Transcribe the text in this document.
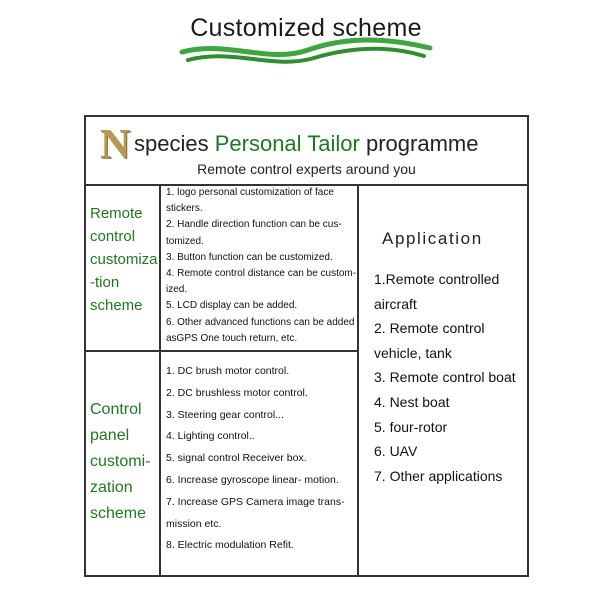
Customized scheme
N species Personal Tailor programme
Remote control experts around you
Remote
control
customiza
-tion
scheme
1. logo personal customization of face
stickers.
2. Handle direction function can be cus-
tomized.
3. Button function can be customized.
4. Remote control distance can be custom-
ized.
5. LCD display can be added.
6. Other advanced functions can be added
asGPS One touch return, etc.
Control
panel
customi-
zation
scheme
1. DC brush motor control.
2. DC brushless motor control.
3. Steering gear control...
4. Lighting control..
5. signal control Receiver box.
6. Increase gyroscope linear- motion.
7. Increase GPS Camera image trans-
mission etc.
8. Electric modulation Refit.
Application
1.Remote controlled
aircraft
2. Remote control
vehicle, tank
3. Remote control boat
4. Nest boat
5. four-rotor
6. UAV
7. Other applications
